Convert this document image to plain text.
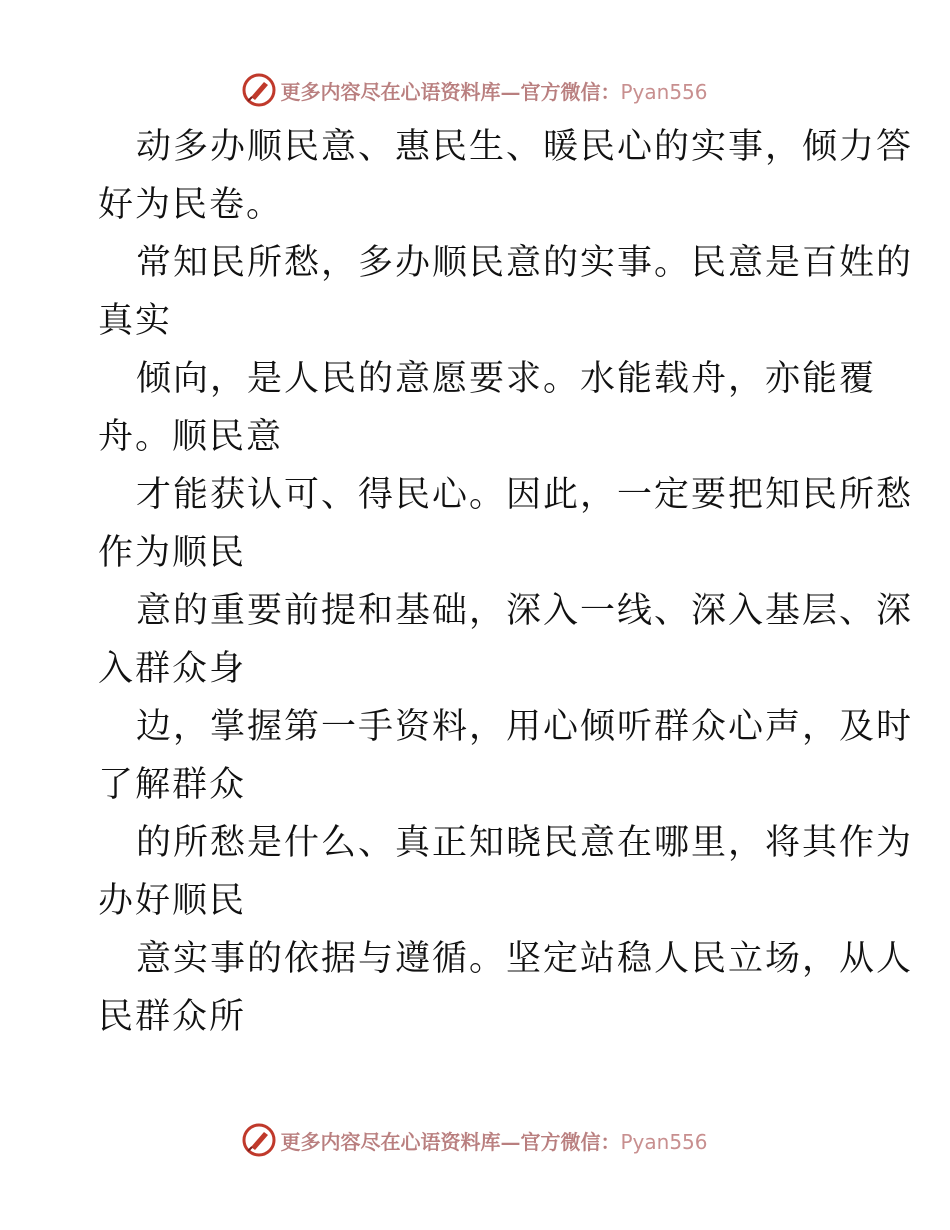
更多内容尽在心语资料库—官方微信：Pyan556
动多办顺民意、惠民生、暖民心的实事，倾力答
好为民卷。
常知民所愁，多办顺民意的实事。民意是百姓的
真实
倾向，是人民的意愿要求。水能载舟，亦能覆
舟。顺民意
才能获认可、得民心。因此，一定要把知民所愁
作为顺民
意的重要前提和基础，深入一线、深入基层、深
入群众身
边，掌握第一手资料，用心倾听群众心声，及时
了解群众
的所愁是什么、真正知晓民意在哪里，将其作为
办好顺民
意实事的依据与遵循。坚定站稳人民立场，从人
民群众所
更多内容尽在心语资料库—官方微信：Pyan556
